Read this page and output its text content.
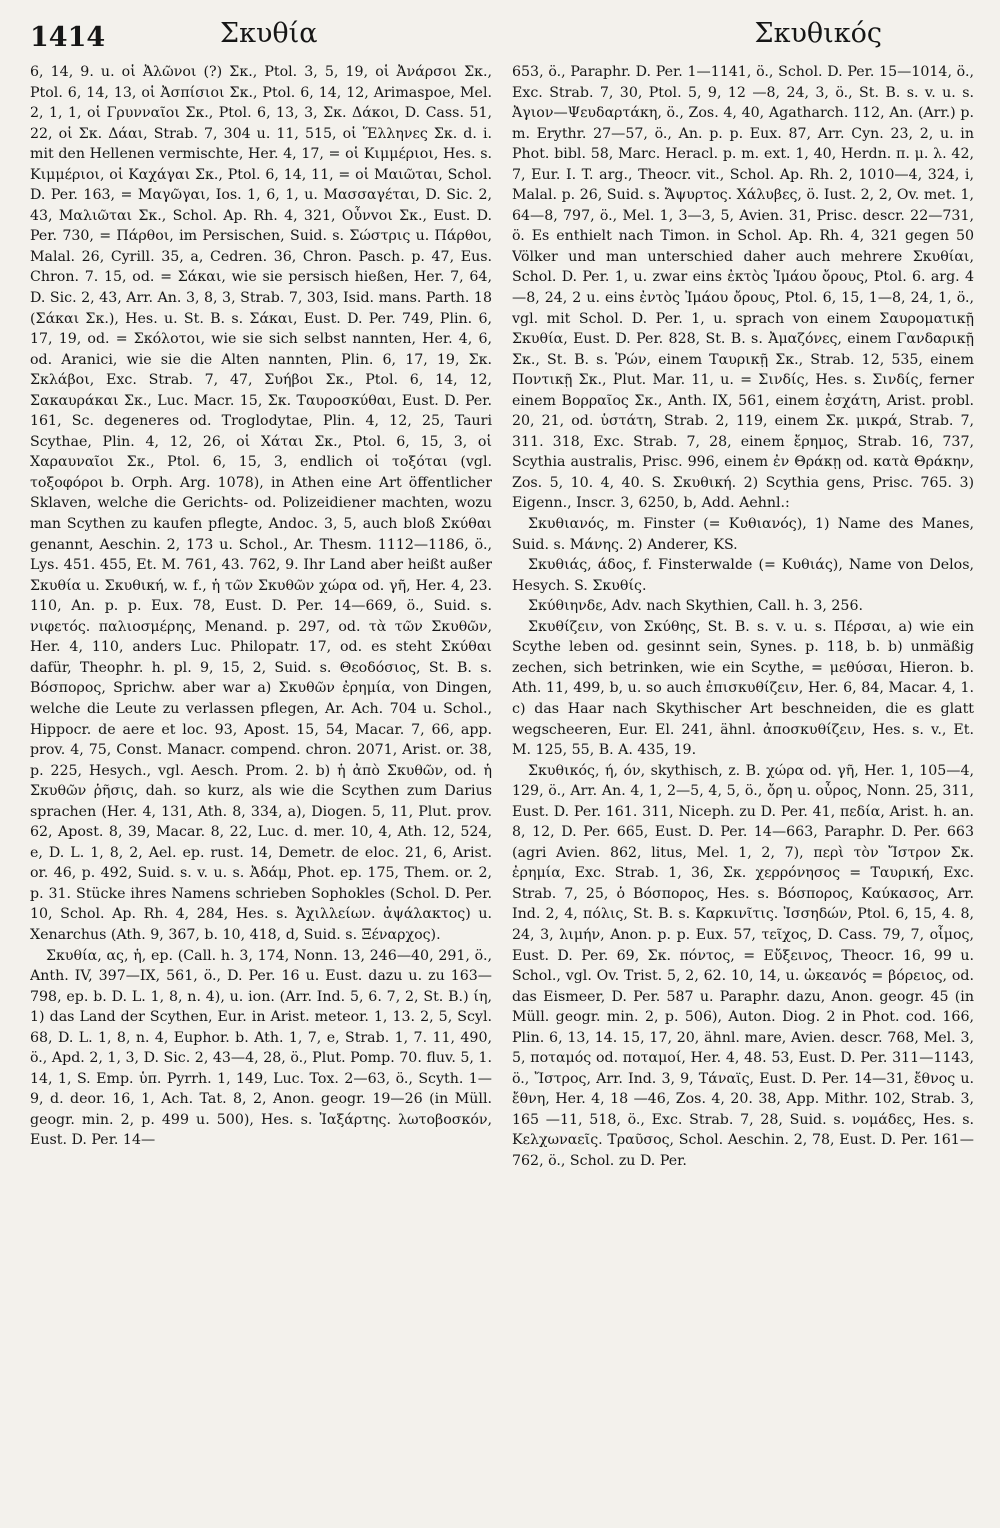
1414	Σκυθία	Σκυθικός

6, 14, 9. u. οἱ Ἀλῶνοι (?) Σκ., Ptol. 3, 5, 19, οἱ Ἀνάρσοι Σκ., Ptol. 6, 14, 13, οἱ Ἀσπίσιοι Σκ., Ptol. 6, 14, 12, Arimaspoe, Mel. 2, 1, 1, οἱ Γρυνναῖοι Σκ., Ptol. 6, 13, 3, Σκ. Δάκοι, D. Cass. 51, 22, οἱ Σκ. Δάαι, Strab. 7, 304 u. 11, 515, οἱ Ἕλληνες Σκ. d. i. mit den Hellenen vermischte, Her. 4, 17, = οἱ Κιμμέριοι, Hes. s. Κιμμέριοι, οἱ Καχάγαι Σκ., Ptol. 6, 14, 11, = οἱ Μαιῶται, Schol. D. Per. 163, = Μαγῶγαι, Ios. 1, 6, 1, u. Μασσαγέται, D. Sic. 2, 43, Μαλιῶται Σκ., Schol. Ap. Rh. 4, 321, Οὖνvοι Σκ., Eust. D. Per. 730, = Πάρθοι, im Persischen, Suid. s. Σώστρις u. Πάρθοι, Malal. 26, Cyrill. 35, a, Cedren. 36, Chron. Pasch. p. 47, Eus. Chron. 7. 15, od. = Σάκαι, wie sie persisch hießen, Her. 7, 64, D. Sic. 2, 43, Arr. An. 3, 8, 3, Strab. 7, 303, Isid. mans. Parth. 18 (Σάκαι Σκ.), Hes. u. St. B. s. Σάκαι, Eust. D. Per. 749, Plin. 6, 17, 19, od. = Σκόλοτοι, wie sie sich selbst nannten, Her. 4, 6, od. Aranici, wie sie die Alten nannten, Plin. 6, 17, 19, Σκ. Σκλάβοι, Exc. Strab. 7, 47, Συήβοι Σκ., Ptol. 6, 14, 12, Σακαυράκαι Σκ., Luc. Macr. 15, Σκ. Ταυροσκύθαι, Eust. D. Per. 161, Sc. degeneres od. Troglodytae, Plin. 4, 12, 25, Tauri Scythae, Plin. 4, 12, 26, οἱ Χάται Σκ., Ptol. 6, 15, 3, οἱ Χαραυναῖοι Σκ., Ptol. 6, 15, 3, endlich οἱ τοξόται (vgl. τοξοφόροι b. Orph. Arg. 1078), in Athen eine Art öffentlicher Sklaven, welche die Gerichts- od. Polizeidiener machten, wozu man Scythen zu kaufen pflegte, Andoc. 3, 5, auch bloß Σκύθαι genannt, Aeschin. 2, 173 u. Schol., Ar. Thesm. 1112—1186, ö., Lys. 451. 455, Et. M. 761, 43. 762, 9. Ihr Land aber heißt außer Σκυθία u. Σκυθική, w. f., ἡ τῶν Σκυθῶν χώρα od. γῆ, Her. 4, 23. 110, An. p. p. Eux. 78, Eust. D. Per. 14—669, ö., Suid. s. νιφετός. παλιοσμέρης, Menand. p. 297, od. τὰ τῶν Σκυθῶν, Her. 4, 110, anders Luc. Philopatr. 17, od. es steht Σκύθαι dafür, Theophr. h. pl. 9, 15, 2, Suid. s. Θεοδόσιος, St. B. s. Βόσπορος, Sprichw. aber war a) Σκυθῶν ἐρημία, von Dingen, welche die Leute zu verlassen pflegen, Ar. Ach. 704 u. Schol., Hippocr. de aere et loc. 93, Apost. 15, 54, Macar. 7, 66, app. prov. 4, 75, Const. Manacr. compend. chron. 2071, Arist. or. 38, p. 225, Hesych., vgl. Aesch. Prom. 2. b) ἡ ἀπὸ Σκυθῶν, od. ἡ Σκυθῶν ῥῆσις, dah. so kurz, als wie die Scythen zum Darius sprachen (Her. 4, 131, Ath. 8, 334, a), Diogen. 5, 11, Plut. prov. 62, Apost. 8, 39, Macar. 8, 22, Luc. d. mer. 10, 4, Ath. 12, 524, e, D. L. 1, 8, 2, Ael. ep. rust. 14, Demetr. de eloc. 21, 6, Arist. or. 46, p. 492, Suid. s. v. u. s. Ἀδάμ, Phot. ep. 175, Them. or. 2, p. 31. Stücke ihres Namens schrieben Sophokles (Schol. D. Per. 10, Schol. Ap. Rh. 4, 284, Hes. s. Ἀχιλλείων. ἀψάλακτος) u. Xenarchus (Ath. 9, 367, b. 10, 418, d, Suid. s. Ξέναρχος).

Σκυθία, ας, ἡ, ep. (Call. h. 3, 174, Nonn. 13, 246—40, 291, ö., Anth. IV, 397—IX, 561, ö., D. Per. 16 u. Eust. dazu u. zu 163—798, ep. b. D. L. 1, 8, n. 4), u. ion. (Arr. Ind. 5, 6. 7, 2, St. B.) ίη, 1) das Land der Scythen, Eur. in Arist. meteor. 1, 13. 2, 5, Scyl. 68, D. L. 1, 8, n. 4, Euphor. b. Ath. 1, 7, e, Strab. 1, 7. 11, 490, ö., Apd. 2, 1, 3, D. Sic. 2, 43—4, 28, ö., Plut. Pomp. 70. fluv. 5, 1. 14, 1, S. Emp. ὑπ. Pyrrh. 1, 149, Luc. Tox. 2—63, ö., Scyth. 1—9, d. deor. 16, 1, Ach. Tat. 8, 2, Anon. geogr. 19—26 (in Müll. geogr. min. 2, p. 499 u. 500), Hes. s. Ἰαξάρτης. λωτοβοσκόν, Eust. D. Per. 14—

653, ö., Paraphr. D. Per. 1—1141, ö., Schol. D. Per. 15—1014, ö., Exc. Strab. 7, 30, Ptol. 5, 9, 12 —8, 24, 3, ö., St. B. s. v. u. s. Ἀγιον—Ψευδαρτάκη, ö., Zos. 4, 40, Agatharch. 112, An. (Arr.) p. m. Erythr. 27—57, ö., An. p. p. Eux. 87, Arr. Cyn. 23, 2, u. in Phot. bibl. 58, Marc. Heracl. p. m. ext. 1, 40, Herdn. π. μ. λ. 42, 7, Eur. I. T. arg., Theocr. vit., Schol. Ap. Rh. 2, 1010—4, 324, i, Malal. p. 26, Suid. s. Ἄψυρτος. Χάλυβες, ö. Iust. 2, 2, Ov. met. 1, 64—8, 797, ö., Mel. 1, 3—3, 5, Avien. 31, Prisc. descr. 22—731, ö. Es enthielt nach Timon. in Schol. Ap. Rh. 4, 321 gegen 50 Völker und man unterschied daher auch mehrere Σκυθίαι, Schol. D. Per. 1, u. zwar eins ἐκτὸς Ἰμάου ὄρους, Ptol. 6. arg. 4—8, 24, 2 u. eins ἐντὸς Ἰμάου ὄρους, Ptol. 6, 15, 1—8, 24, 1, ö., vgl. mit Schol. D. Per. 1, u. sprach von einem Σαυροματικῇ Σκυθία, Eust. D. Per. 828, St. B. s. Ἀμαζόνες, einem Γανδαρικῇ Σκ., St. B. s. Ῥών, einem Ταυρικῇ Σκ., Strab. 12, 535, einem Ποντικῇ Σκ., Plut. Mar. 11, u. = Σινδίς, Hes. s. Σινδίς, ferner einem Βορραῖος Σκ., Anth. IX, 561, einem ἐσχάτη, Arist. probl. 20, 21, od. ὑστάτη, Strab. 2, 119, einem Σκ. μικρά, Strab. 7, 311. 318, Exc. Strab. 7, 28, einem ἔρημος, Strab. 16, 737, Scythia australis, Prisc. 996, einem ἐν Θράκῃ od. κατὰ Θράκην, Zos. 5, 10. 4, 40. S. Σκυθική. 2) Scythia gens, Prisc. 765. 3) Eigenn., Inscr. 3, 6250, b, Add. Aehnl.:

Σκυθιανός, m. Finster (= Κυθιανός), 1) Name des Manes, Suid. s. Μάνης. 2) Anderer, KS.

Σκυθιάς, άδος, f. Finsterwalde (= Κυθιάς), Name von Delos, Hesych. S. Σκυθίς.

Σκύθιηνδε, Adv. nach Skythien, Call. h. 3, 256.

Σκυθίζειν, von Σκύθης, St. B. s. v. u. s. Πέρσαι, a) wie ein Scythe leben od. gesinnt sein, Synes. p. 118, b. b) unmäßig zechen, sich betrinken, wie ein Scythe, = μεθύσαι, Hieron. b. Ath. 11, 499, b, u. so auch ἐπισκυθίζειν, Her. 6, 84, Macar. 4, 1. c) das Haar nach Skythischer Art beschneiden, die es glatt wegscheeren, Eur. El. 241, ähnl. ἀποσκυθίζειν, Hes. s. v., Et. M. 125, 55, B. A. 435, 19.

Σκυθικός, ή, όν, skythisch, z. B. χώρα od. γῆ, Her. 1, 105—4, 129, ö., Arr. An. 4, 1, 2—5, 4, 5, ö., ὄρη u. οὖρος, Nonn. 25, 311, Eust. D. Per. 161. 311, Niceph. zu D. Per. 41, πεδία, Arist. h. an. 8, 12, D. Per. 665, Eust. D. Per. 14—663, Paraphr. D. Per. 663 (agri Avien. 862, litus, Mel. 1, 2, 7), περὶ τὸν Ἴστρον Σκ. ἐρημία, Exc. Strab. 1, 36, Σκ. χερρόνησος = Ταυρική, Exc. Strab. 7, 25, ὁ Βόσπορος, Hes. s. Βόσπορος, Καύκασος, Arr. Ind. 2, 4, πόλις, St. B. s. Καρκινῖτις. Ἰσσηδών, Ptol. 6, 15, 4. 8, 24, 3, λιμήν, Anon. p. p. Eux. 57, τεῖχος, D. Cass. 79, 7, οἶμος, Eust. D. Per. 69, Σκ. πόντος, = Εὔξεινος, Theocr. 16, 99 u. Schol., vgl. Ov. Trist. 5, 2, 62. 10, 14, u. ὠκεανός = βόρειος, od. das Eismeer, D. Per. 587 u. Paraphr. dazu, Anon. geogr. 45 (in Müll. geogr. min. 2, p. 506), Auton. Diog. 2 in Phot. cod. 166, Plin. 6, 13, 14. 15, 17, 20, ähnl. mare, Avien. descr. 768, Mel. 3, 5, ποταμός od. ποταμοί, Her. 4, 48. 53, Eust. D. Per. 311—1143, ö., Ἴστρος, Arr. Ind. 3, 9, Τάναϊς, Eust. D. Per. 14—31, ἔθνος u. ἔθνη, Her. 4, 18 —46, Zos. 4, 20. 38, App. Mithr. 102, Strab. 3, 165 —11, 518, ö., Exc. Strab. 7, 28, Suid. s. νομάδες, Hes. s. Κελχωναεῖς. Τραῦσος, Schol. Aeschin. 2, 78, Eust. D. Per. 161—762, ö., Schol. zu D. Per.
